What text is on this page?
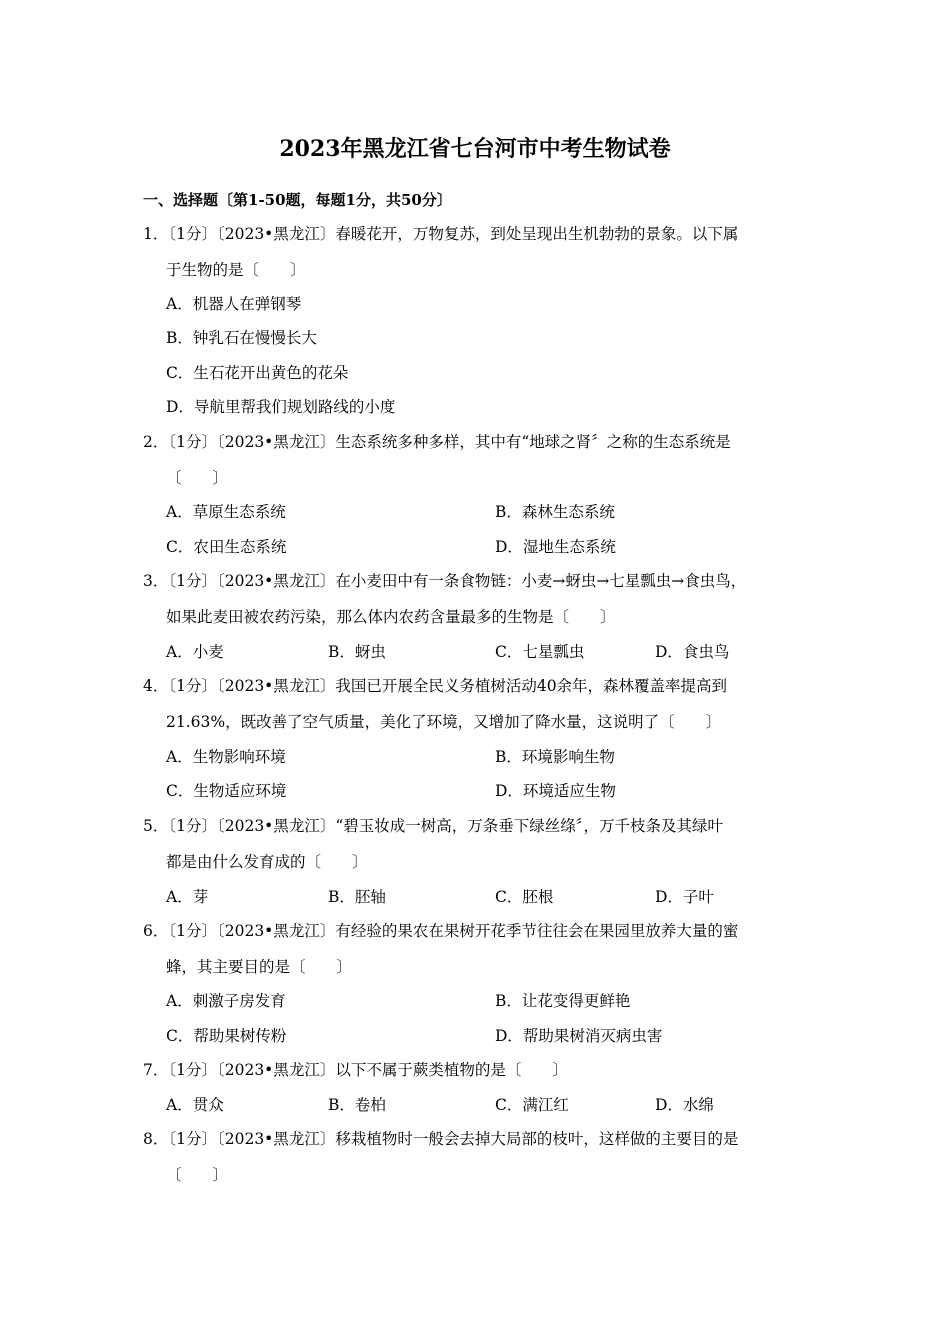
2023年黑龙江省七台河市中考生物试卷
一、选择题〔第1-50题，每题1分，共50分〕
1．〔1分〕〔2023•黑龙江〕春暖花开，万物复苏，到处呈现出生机勃勃的景象。以下属
于生物的是〔　　〕
A．机器人在弹钢琴
B．钟乳石在慢慢长大
C．生石花开出黄色的花朵
D．导航里帮我们规划路线的小度
2．〔1分〕〔2023•黑龙江〕生态系统多种多样，其中有“地球之肾〞之称的生态系统是
〔　　〕
A．草原生态系统	B．森林生态系统
C．农田生态系统	D．湿地生态系统
3．〔1分〕〔2023•黑龙江〕在小麦田中有一条食物链：小麦→蚜虫→七星瓢虫→食虫鸟，
如果此麦田被农药污染，那么体内农药含量最多的生物是〔　　〕
A．小麦	B．蚜虫	C．七星瓢虫	D．食虫鸟
4．〔1分〕〔2023•黑龙江〕我国已开展全民义务植树活动40余年，森林覆盖率提高到
21.63%，既改善了空气质量，美化了环境，又增加了降水量，这说明了〔　　〕
A．生物影响环境	B．环境影响生物
C．生物适应环境	D．环境适应生物
5．〔1分〕〔2023•黑龙江〕“碧玉妆成一树高，万条垂下绿丝绦〞，万千枝条及其绿叶
都是由什么发育成的〔　　〕
A．芽	B．胚轴	C．胚根	D．子叶
6．〔1分〕〔2023•黑龙江〕有经验的果农在果树开花季节往往会在果园里放养大量的蜜
蜂，其主要目的是〔　　〕
A．刺激子房发育	B．让花变得更鲜艳
C．帮助果树传粉	D．帮助果树消灭病虫害
7．〔1分〕〔2023•黑龙江〕以下不属于蕨类植物的是〔　　〕
A．贯众	B．卷柏	C．满江红	D．水绵
8．〔1分〕〔2023•黑龙江〕移栽植物时一般会去掉大局部的枝叶，这样做的主要目的是
〔　　〕
